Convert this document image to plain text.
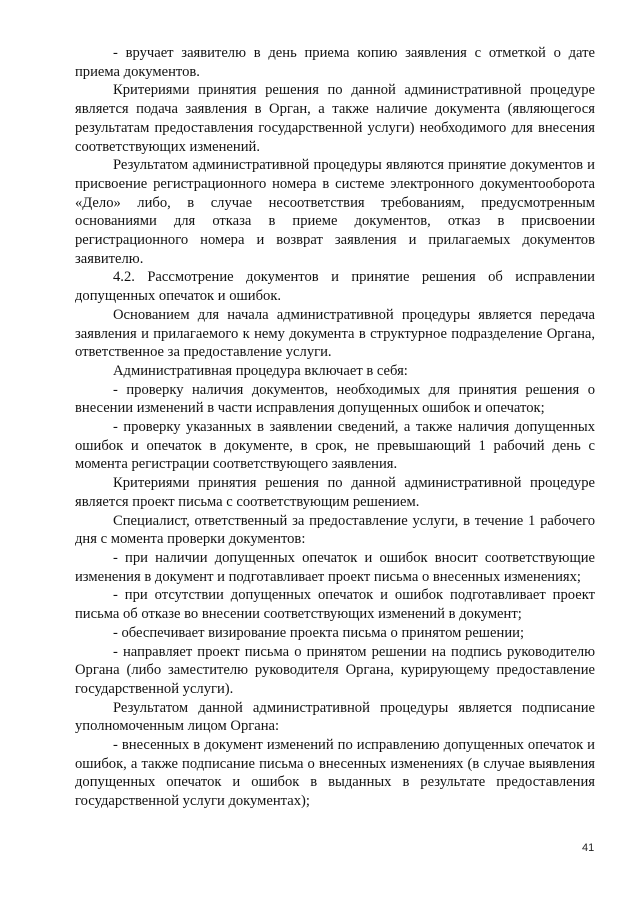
- вручает заявителю в день приема копию заявления с отметкой о дате приема документов.

Критериями принятия решения по данной административной процедуре является подача заявления в Орган, а также наличие документа (являющегося результатам предоставления государственной услуги) необходимого для внесения соответствующих изменений.

Результатом административной процедуры являются принятие документов и присвоение регистрационного номера в системе электронного документооборота «Дело» либо, в случае несоответствия требованиям, предусмотренным основаниями для отказа в приеме документов, отказ в присвоении регистрационного номера и возврат заявления и прилагаемых документов заявителю.

4.2. Рассмотрение документов и принятие решения об исправлении допущенных опечаток и ошибок.

Основанием для начала административной процедуры является передача заявления и прилагаемого к нему документа в структурное подразделение Органа, ответственное за предоставление услуги.

Административная процедура включает в себя:

- проверку наличия документов, необходимых для принятия решения о внесении изменений в части исправления допущенных ошибок и опечаток;

- проверку указанных в заявлении сведений, а также наличия допущенных ошибок и опечаток в документе, в срок, не превышающий 1 рабочий день с момента регистрации соответствующего заявления.

Критериями принятия решения по данной административной процедуре является проект письма с соответствующим решением.

Специалист, ответственный за предоставление услуги, в течение 1 рабочего дня с момента проверки документов:

- при наличии допущенных опечаток и ошибок вносит соответствующие изменения в документ и подготавливает проект письма о внесенных изменениях;

- при отсутствии допущенных опечаток и ошибок подготавливает проект письма об отказе во внесении соответствующих изменений в документ;

- обеспечивает визирование проекта письма о принятом решении;

- направляет проект письма о принятом решении на подпись руководителю Органа (либо заместителю руководителя Органа, курирующему предоставление государственной услуги).

Результатом данной административной процедуры является подписание уполномоченным лицом Органа:

- внесенных в документ изменений по исправлению допущенных опечаток и ошибок, а также подписание письма о внесенных изменениях (в случае выявления допущенных опечаток и ошибок в выданных в результате предоставления государственной услуги документах);

41
